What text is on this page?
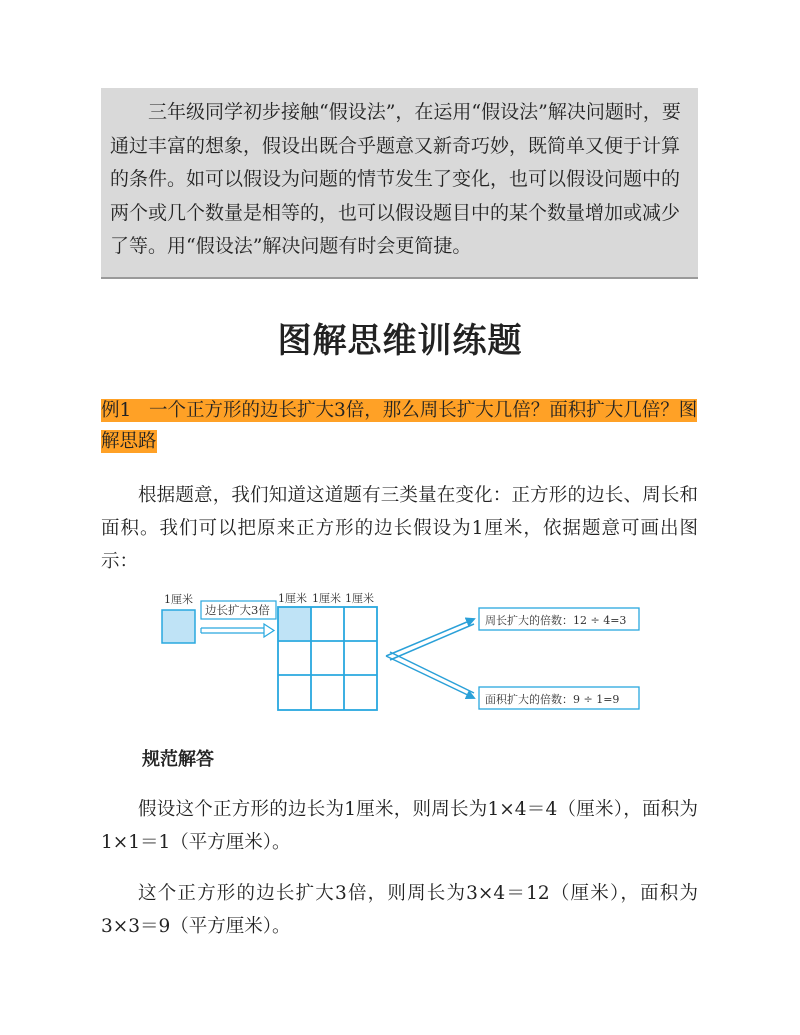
三年级同学初步接触“假设法”，在运用“假设法”解决问题时，要通过丰富的想象，假设出既合乎题意又新奇巧妙，既简单又便于计算的条件。如可以假设为问题的情节发生了变化，也可以假设问题中的两个或几个数量是相等的，也可以假设题目中的某个数量增加或减少了等。用“假设法”解决问题有时会更简捷。

图解思维训练题
例1 一个正方形的边长扩大3倍，那么周长扩大几倍？面积扩大几倍？图解思路

根据题意，我们知道这道题有三类量在变化：正方形的边长、周长和面积。我们可以把原来正方形的边长假设为1厘米，依据题意可画出图示：

1厘米
边长扩大3倍
1厘米 1厘米 1厘米
周长扩大的倍数：12 ÷ 4=3
面积扩大的倍数：9 ÷ 1=9
规范解答

假设这个正方形的边长为1厘米，则周长为1×4＝4（厘米），面积为1×1＝1（平方厘米）。

这个正方形的边长扩大3倍，则周长为3×4＝12（厘米），面积为3×3＝9（平方厘米）。
